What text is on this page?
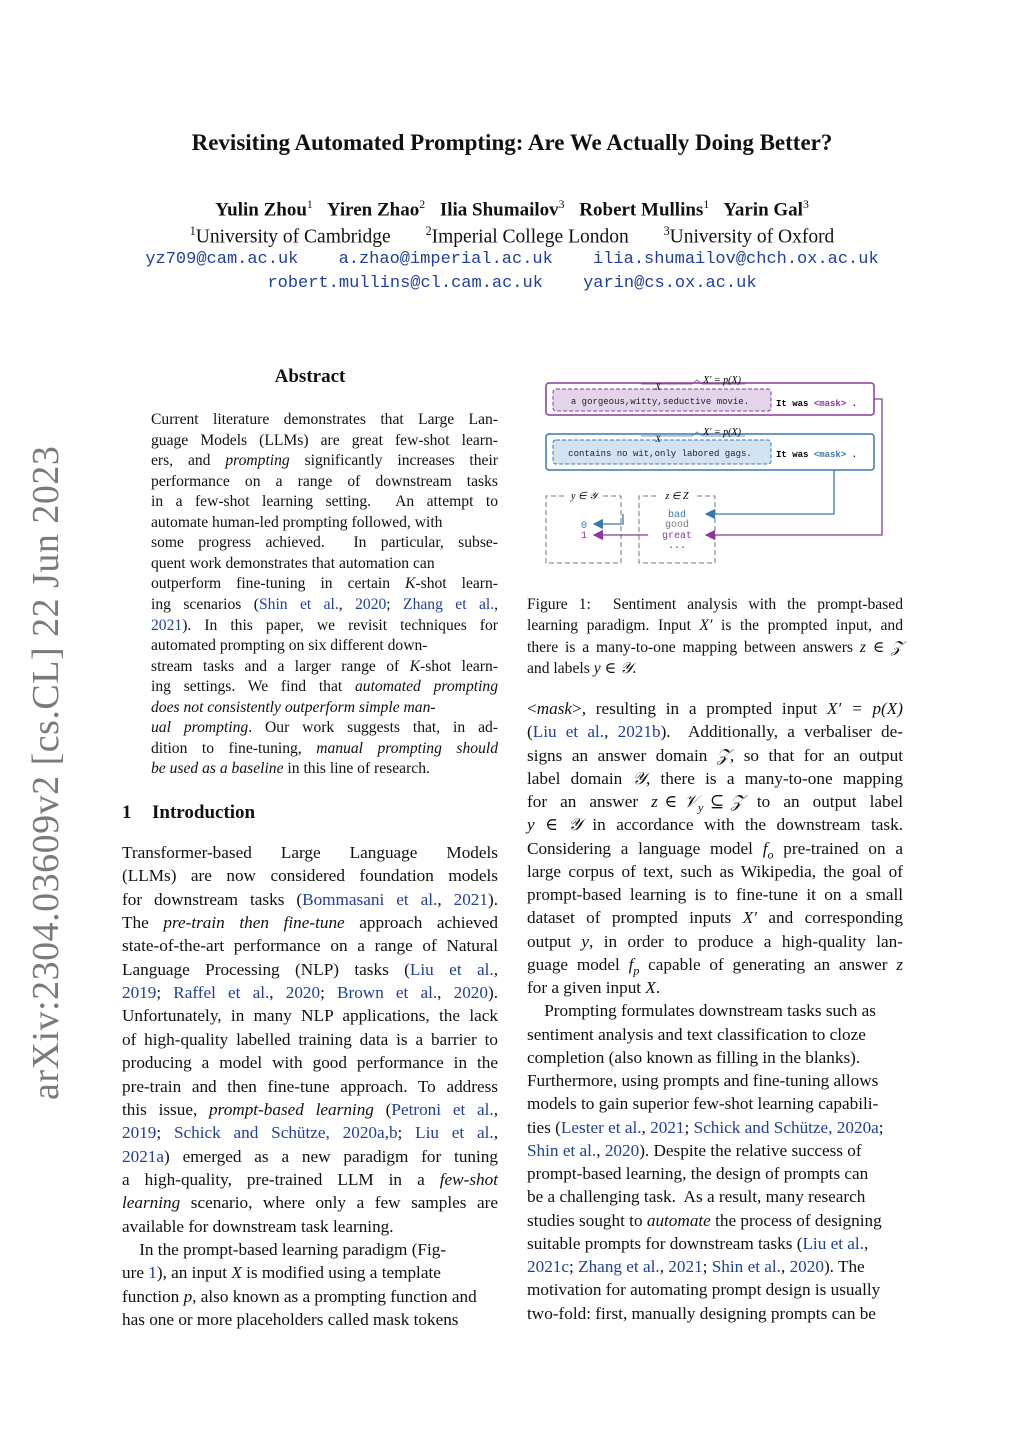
arXiv:2304.03609v2 [cs.CL] 22 Jun 2023
Revisiting Automated Prompting: Are We Actually Doing Better?
Yulin Zhou$^1$ Yiren Zhao$^2$ Ilia Shumailov$^3$ Robert Mullins$^1$ Yarin Gal$^3$
$^1$University of Cambridge	$^2$Imperial College London	$^3$University of Oxford
yz709@cam.ac.uk a.zhao@imperial.ac.uk ilia.shumailov@chch.ox.ac.uk
robert.mullins@cl.cam.ac.uk yarin@cs.ox.ac.uk
Abstract
Current literature demonstrates that Large Lan-
guage Models (LLMs) are great few-shot learn-
ers, and prompting significantly increases their
performance on a range of downstream tasks
in a few-shot learning setting.  An attempt to
automate human-led prompting followed, with
some progress achieved.  In particular, subse-
quent work demonstrates that automation can
outperform fine-tuning in certain K-shot learn-
ing scenarios (Shin et al., 2020; Zhang et al.,
2021). In this paper, we revisit techniques for
automated prompting on six different down-
stream tasks and a larger range of K-shot learn-
ing settings. We find that automated prompting
does not consistently outperform simple man-
ual prompting. Our work suggests that, in ad-
dition to fine-tuning, manual prompting should
be used as a baseline in this line of research.
1 Introduction
Transformer-based    Large    Language    Models
(LLMs) are now considered foundation models
for downstream tasks (Bommasani et al., 2021).
The pre-train then fine-tune approach achieved
state-of-the-art performance on a range of Natural
Language  Processing  (NLP)  tasks  (Liu  et  al.,
2019; Raffel et al., 2020; Brown et al., 2020).
Unfortunately, in many NLP applications, the lack
of high-quality labelled training data is a barrier to
producing a model with good performance in the
pre-train and then fine-tune approach. To address
this issue, prompt-based learning (Petroni et al.,
2019;  Schick  and  Schütze,  2020a,b;  Liu  et  al.,
2021a)  emerged  as  a  new  paradigm  for  tuning
a  high-quality,  pre-trained  LLM  in  a  few-shot
learning scenario, where only a few samples are
available for downstream task learning.
In the prompt-based learning paradigm (Fig-
ure 1), an input X is modified using a template
function p, also known as a prompting function and
has one or more placeholders called mask tokens
<mask>, resulting in a prompted input X′ = p(X)
(Liu et al., 2021b).  Additionally, a verbaliser de-
signs an answer domain 𝒵, so that for an output
label domain 𝒴, there is a many-to-one mapping
for  an  answer  z ∈ 𝒱$_y$ ⊆ 𝒵  to  an  output  label
y ∈ 𝒴 in accordance with the downstream task.
Considering a language model $f_o$ pre-trained on a
large corpus of text, such as Wikipedia, the goal of
prompt-based learning is to fine-tune it on a small
dataset of prompted inputs X′ and corresponding
output y, in order to produce a high-quality lan-
guage model $f_p$ capable of generating an answer z
for a given input X.
Prompting formulates downstream tasks such as
sentiment analysis and text classification to cloze
completion (also known as filling in the blanks).
Furthermore, using prompts and fine-tuning allows
models to gain superior few-shot learning capabili-
ties (Lester et al., 2021; Schick and Schütze, 2020a;
Shin et al., 2020). Despite the relative success of
prompt-based learning, the design of prompts can
be a challenging task.  As a result, many research
studies sought to automate the process of designing
suitable prompts for downstream tasks (Liu et al.,
2021c; Zhang et al., 2021; Shin et al., 2020). The
motivation for automating prompt design is usually
two-fold: first, manually designing prompts can be
X′ = p(X)
X
a gorgeous,witty,seductive movie.	It was <mask> .
X′ = p(X)
X
contains no wit,only labored gags.	It was <mask> .
y ∈ 𝒴
0
1
z ∈ Z
bad
good
great
...
Figure 1:  Sentiment analysis with the prompt-based
learning paradigm. Input X′ is the prompted input, and
there is a many-to-one mapping between answers z ∈ 𝒵
and labels y ∈ 𝒴.
